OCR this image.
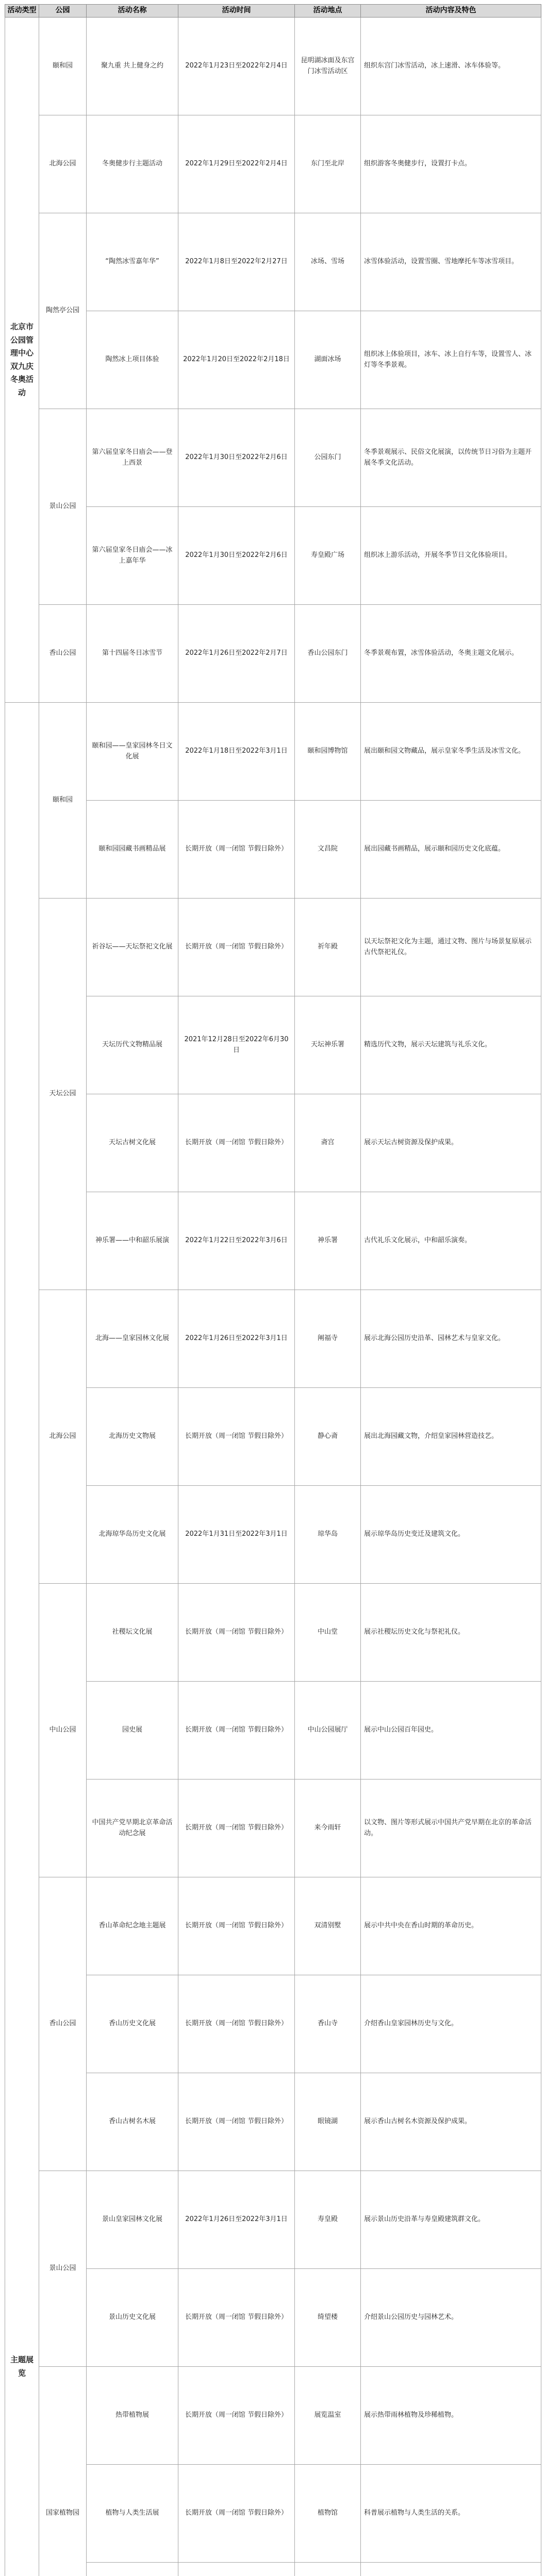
活动类型	公园	活动名称	活动时间	活动地点	活动内容及特色
北京市公园管理中心双九庆冬奥活动	颐和园	聚九重 共上健身之约	2022年1月23日至2022年2月4日	昆明湖冰面及东宫门冰雪活动区	组织东宫门冰雪活动，冰上速滑、冰车体验等。
	北海公园	冬奥健步行主题活动	2022年1月29日至2022年2月4日	东门至北岸	组织游客冬奥健步行，设置打卡点。
	陶然亭公园	“陶然冰雪嘉年华”	2022年1月8日至2022年2月27日	冰场、雪场	冰雪体验活动，设置雪圈、雪地摩托车等冰雪项目。
		陶然冰上项目体验	2022年1月20日至2022年2月18日	湖面冰场	组织冰上体验项目，冰车、冰上自行车等，设置雪人、冰灯等冬季景观。
	景山公园	第六届皇家冬日庙会——登上西景	2022年1月30日至2022年2月6日	公园东门	冬季景观展示、民俗文化展演，以传统节日习俗为主题开展冬季文化活动。
		第六届皇家冬日庙会——冰上嘉年华	2022年1月30日至2022年2月6日	寿皇殿广场	组织冰上游乐活动，开展冬季节日文化体验项目。
	香山公园	第十四届冬日冰雪节	2022年1月26日至2022年2月7日	香山公园东门	冬季景观布置，冰雪体验活动，冬奥主题文化展示。
主题展览	颐和园	颐和园——皇家园林冬日文化展	2022年1月18日至2022年3月1日	颐和园博物馆	展出颐和园文物藏品，展示皇家冬季生活及冰雪文化。
		颐和园园藏书画精品展	长期开放（周一闭馆 节假日除外）	文昌院	展出园藏书画精品，展示颐和园历史文化底蕴。
	天坛公园	祈谷坛——天坛祭祀文化展	长期开放（周一闭馆 节假日除外）	祈年殿	以天坛祭祀文化为主题，通过文物、图片与场景复原展示古代祭祀礼仪。
		天坛历代文物精品展	2021年12月28日至2022年6月30日	天坛神乐署	精选历代文物，展示天坛建筑与礼乐文化。
		天坛古树文化展	长期开放（周一闭馆 节假日除外）	斋宫	展示天坛古树资源及保护成果。
		神乐署——中和韶乐展演	2022年1月22日至2022年3月6日	神乐署	古代礼乐文化展示，中和韶乐演奏。
	北海公园	北海——皇家园林文化展	2022年1月26日至2022年3月1日	阐福寺	展示北海公园历史沿革、园林艺术与皇家文化。
		北海历史文物展	长期开放（周一闭馆 节假日除外）	静心斋	展出北海园藏文物，介绍皇家园林营造技艺。
		北海琼华岛历史文化展	2022年1月31日至2022年3月1日	琼华岛	展示琼华岛历史变迁及建筑文化。
	中山公园	社稷坛文化展	长期开放（周一闭馆 节假日除外）	中山堂	展示社稷坛历史文化与祭祀礼仪。
		园史展	长期开放（周一闭馆 节假日除外）	中山公园展厅	展示中山公园百年园史。
		中国共产党早期北京革命活动纪念展	长期开放（周一闭馆 节假日除外）	来今雨轩	以文物、图片等形式展示中国共产党早期在北京的革命活动。
	香山公园	香山革命纪念地主题展	长期开放（周一闭馆 节假日除外）	双清别墅	展示中共中央在香山时期的革命历史。
		香山历史文化展	长期开放（周一闭馆 节假日除外）	香山寺	介绍香山皇家园林历史与文化。
		香山古树名木展	长期开放（周一闭馆 节假日除外）	眼镜湖	展示香山古树名木资源及保护成果。
	景山公园	景山皇家园林文化展	2022年1月26日至2022年3月1日	寿皇殿	展示景山历史沿革与寿皇殿建筑群文化。
		景山历史文化展	长期开放（周一闭馆 节假日除外）	绮望楼	介绍景山公园历史与园林艺术。
	国家植物园	热带植物展	长期开放（周一闭馆 节假日除外）	展览温室	展示热带雨林植物及珍稀植物。
		植物与人类生活展	长期开放（周一闭馆 节假日除外）	植物馆	科普展示植物与人类生活的关系。
